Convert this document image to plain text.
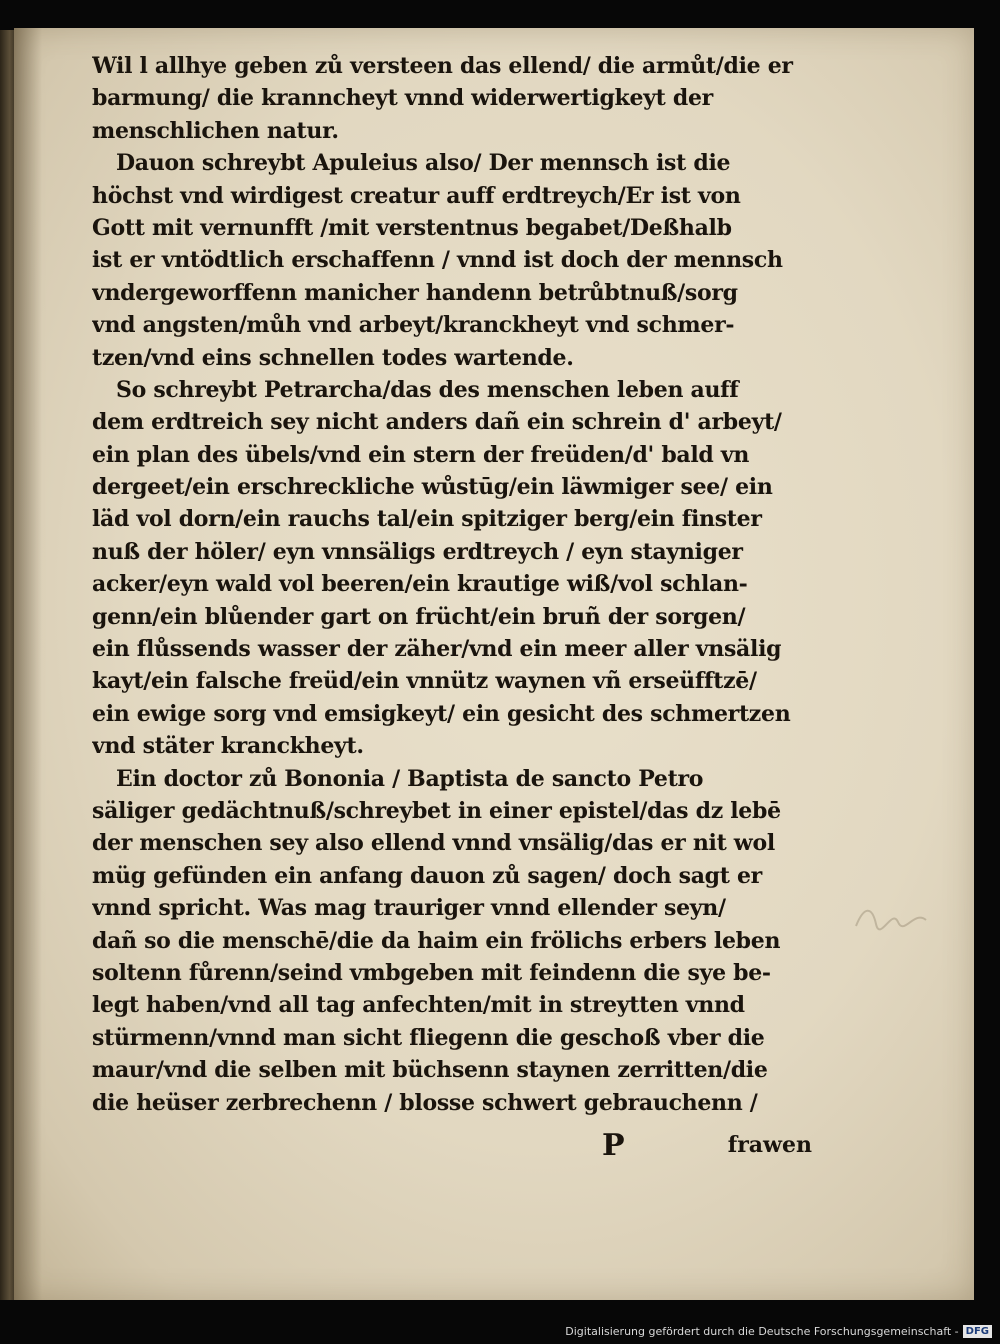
Wil l allhye geben zů versteen das ellend/ die armůt/die er
barmung/ die kranncheyt vnnd widerwertigkeyt der
menschlichen natur.
Dauon schreybt Apuleius also/ Der mennsch ist die
höchst vnd wirdigest creatur auff erdtreych/Er ist von
Gott mit vernunfft /mit verstentnus begabet/Deßhalb
ist er vntödtlich erschaffenn / vnnd ist doch der mennsch
vndergeworffenn manicher handenn betrůbtnuß/sorg
vnd angsten/můh vnd arbeyt/kranckheyt vnd schmer-
tzen/vnd eins schnellen todes wartende.
So schreybt Petrarcha/das des menschen leben auff
dem erdtreich sey nicht anders dañ ein schrein d' arbeyt/
ein plan des übels/vnd ein stern der freüden/d' bald vn
dergeet/ein erschreckliche wůstūg/ein läwmiger see/ ein
läd vol dorn/ein rauchs tal/ein spitziger berg/ein finster
nuß der höler/ eyn vnnsäligs erdtreych / eyn stayniger
acker/eyn wald vol beeren/ein krautige wiß/vol schlan-
genn/ein blůender gart on frücht/ein bruñ der sorgen/
ein flůssends wasser der zäher/vnd ein meer aller vnsälig
kayt/ein falsche freüd/ein vnnütz waynen vñ erseüfftzē/
ein ewige sorg vnd emsigkeyt/ ein gesicht des schmertzen
vnd stäter kranckheyt.
Ein doctor zů Bononia / Baptista de sancto Petro
säliger gedächtnuß/schreybet in einer epistel/das dz lebē
der menschen sey also ellend vnnd vnsälig/das er nit wol
müg gefünden ein anfang dauon zů sagen/ doch sagt er
vnnd spricht. Was mag trauriger vnnd ellender seyn/
dañ so die menschē/die da haim ein frölichs erbers leben
soltenn fůrenn/seind vmbgeben mit feindenn die sye be-
legt haben/vnd all tag anfechten/mit in streytten vnnd
stürmenn/vnnd man sicht fliegenn die geschoß vber die
maur/vnd die selben mit büchsenn staynen zerritten/die
die heüser zerbrechenn / blosse schwert gebrauchenn /
P	frawen
Digitalisierung gefördert durch die Deutsche Forschungsgemeinschaft - DFG
